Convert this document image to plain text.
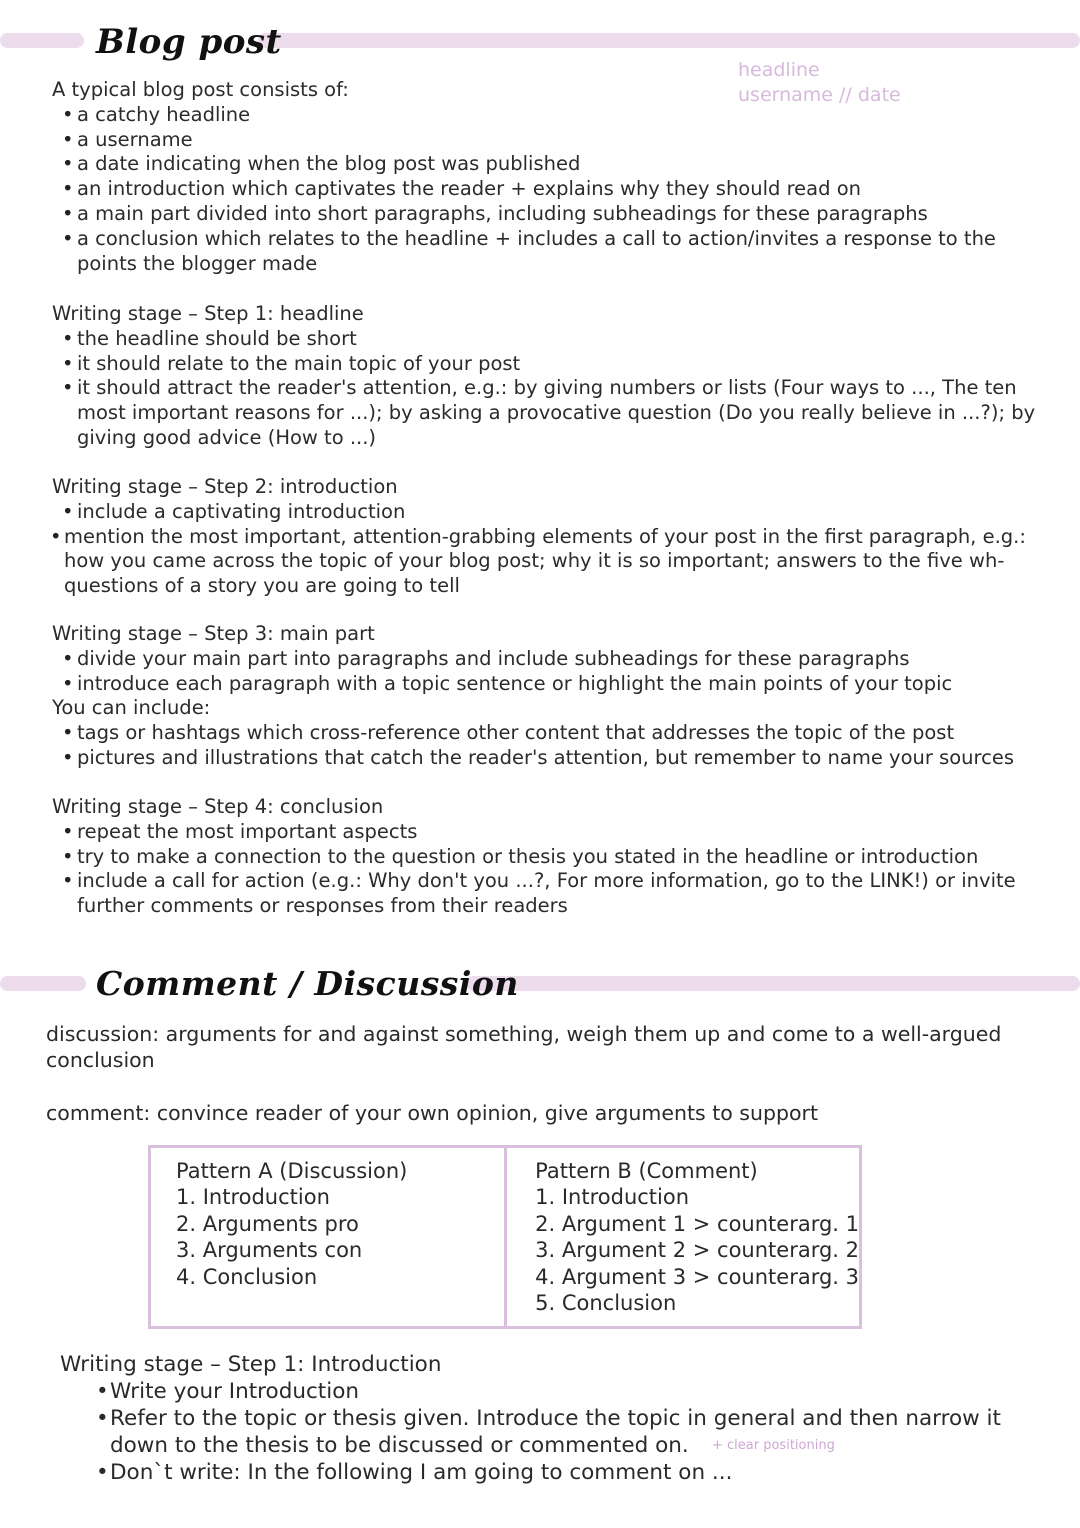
Blog post
headline
username // date

A typical blog post consists of:

• a catchy headline
• a username
• a date indicating when the blog post was published
• an introduction which captivates the reader + explains why they should read on
• a main part divided into short paragraphs, including subheadings for these paragraphs
• a conclusion which relates to the headline + includes a call to action/invites a response to the points the blogger made

Writing stage – Step 1: headline

• the headline should be short
• it should relate to the main topic of your post
• it should attract the reader's attention, e.g.: by giving numbers or lists (Four ways to ..., The ten most important reasons for ...); by asking a provocative question (Do you really believe in ...?); by giving good advice (How to ...)

Writing stage – Step 2: introduction

• include a captivating introduction
• mention the most important, attention-grabbing elements of your post in the first paragraph, e.g.: how you came across the topic of your blog post; why it is so important; answers to the five wh-questions of a story you are going to tell

Writing stage – Step 3: main part

• divide your main part into paragraphs and include subheadings for these paragraphs
• introduce each paragraph with a topic sentence or highlight the main points of your topic

You can include:

• tags or hashtags which cross-reference other content that addresses the topic of the post
• pictures and illustrations that catch the reader's attention, but remember to name your sources

Writing stage – Step 4: conclusion

• repeat the most important aspects
• try to make a connection to the question or thesis you stated in the headline or introduction
• include a call for action (e.g.: Why don't you ...?, For more information, go to the LINK!) or invite further comments or responses from their readers
Comment / Discussion
discussion: arguments for and against something, weigh them up and come to a well-argued conclusion
comment: convince reader of your own opinion, give arguments to support
Pattern A (Discussion)
1. Introduction
2. Arguments pro
3. Arguments con
4. Conclusion
Pattern B (Comment)
1. Introduction
2. Argument 1 > counterarg. 1
3. Argument 2 > counterarg. 2
4. Argument 3 > counterarg. 3
5. Conclusion
Writing stage – Step 1: Introduction
• Write your Introduction
• Refer to the topic or thesis given. Introduce the topic in general and then narrow it down to the thesis to be discussed or commented on.
• Don`t write: In the following I am going to comment on ...
+ clear positioning
